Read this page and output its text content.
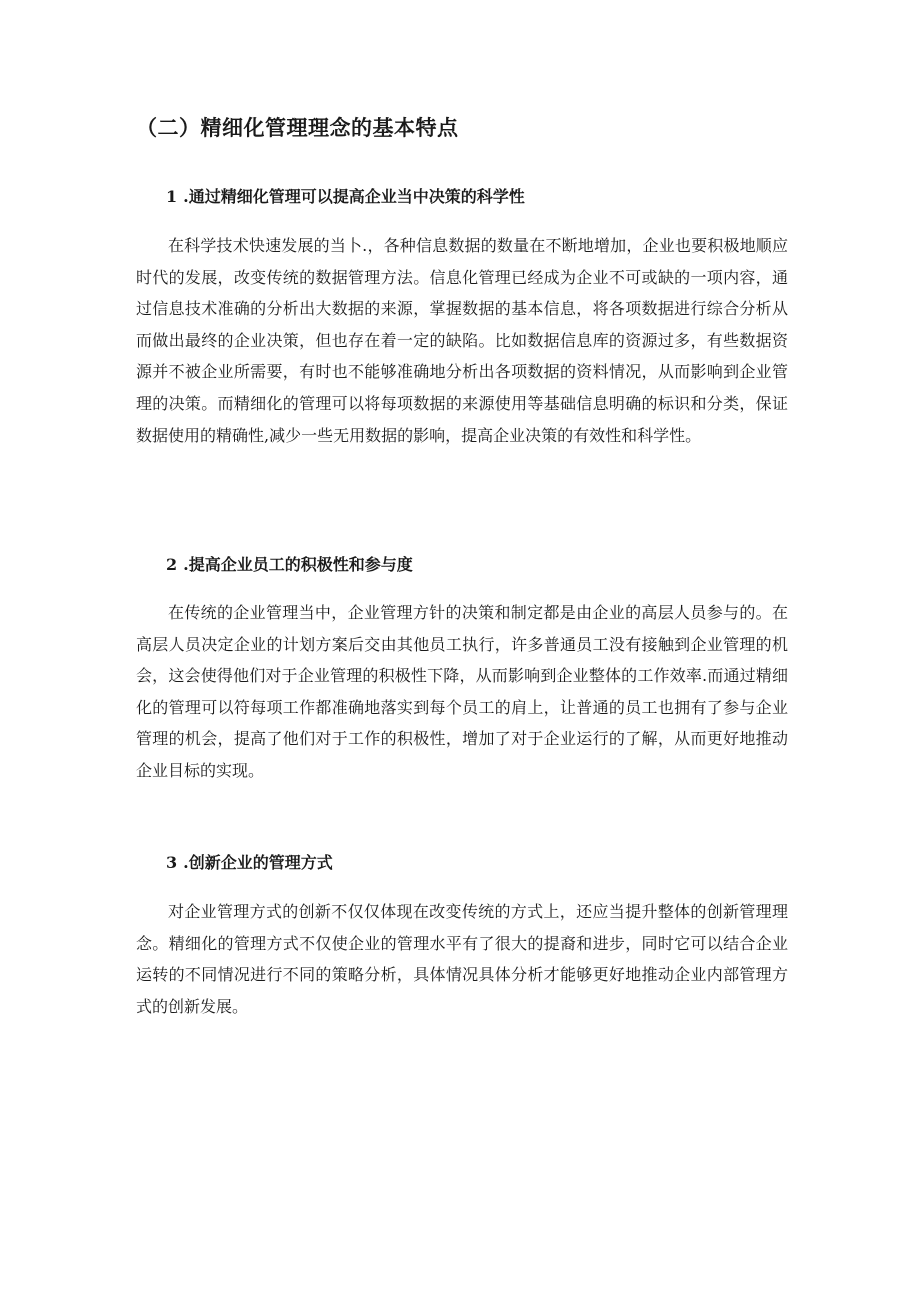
（二）精细化管理理念的基本特点
1 .通过精细化管理可以提高企业当中决策的科学性

在科学技术快速发展的当卜.，各种信息数据的数量在不断地增加，企业也要积极地顺应时代的发展，改变传统的数据管理方法。信息化管理已经成为企业不可或缺的一项内容，通过信息技术准确的分析出大数据的来源，掌握数据的基本信息，将各项数据进行综合分析从而做出最终的企业决策，但也存在着一定的缺陷。比如数据信息库的资源过多，有些数据资源并不被企业所需要，有时也不能够准确地分析出各项数据的资料情况，从而影响到企业管理的决策。而精细化的管理可以将每项数据的来源使用等基础信息明确的标识和分类，保证数据使用的精确性,减少一些无用数据的影响，提高企业决策的有效性和科学性。

2 .提高企业员工的积极性和参与度

在传统的企业管理当中，企业管理方针的决策和制定都是由企业的高层人员参与的。在高层人员决定企业的计划方案后交由其他员工执行，许多普通员工没有接触到企业管理的机会，这会使得他们对于企业管理的积极性下降，从而影响到企业整体的工作效率.而通过精细化的管理可以符每项工作都准确地落实到每个员工的肩上，让普通的员工也拥有了参与企业管理的机会，提高了他们对于工作的积极性，增加了对于企业运行的了解，从而更好地推动企业目标的实现。

3 .创新企业的管理方式

对企业管理方式的创新不仅仅体现在改变传统的方式上，还应当提升整体的创新管理理念。精细化的管理方式不仅使企业的管理水平有了很大的提裔和进步，同时它可以结合企业运转的不同情况进行不同的策略分析，具体情况具体分析才能够更好地推动企业内部管理方式的创新发展。
